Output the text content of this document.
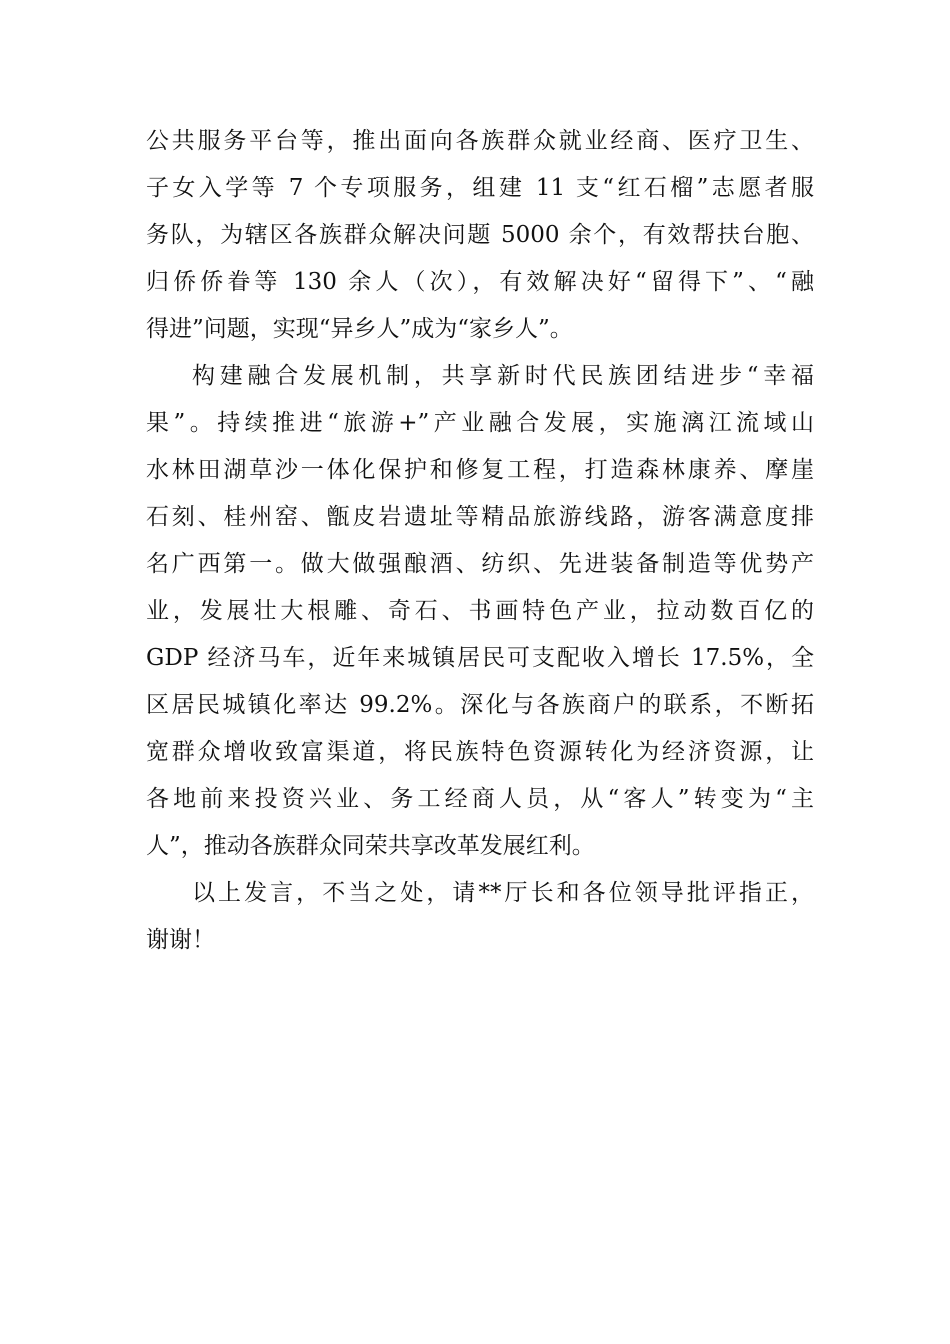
公共服务平台等，推出面向各族群众就业经商、医疗卫生、
子女入学等 7 个专项服务，组建 11 支“红石榴”志愿者服
务队，为辖区各族群众解决问题 5000 余个，有效帮扶台胞、
归侨侨眷等 130 余人（次），有效解决好“留得下”、“融
得进”问题，实现“异乡人”成为“家乡人”。
构建融合发展机制，共享新时代民族团结进步“幸福
果”。持续推进“旅游+”产业融合发展，实施漓江流域山
水林田湖草沙一体化保护和修复工程，打造森林康养、摩崖
石刻、桂州窑、甑皮岩遗址等精品旅游线路，游客满意度排
名广西第一。做大做强酿酒、纺织、先进装备制造等优势产
业，发展壮大根雕、奇石、书画特色产业，拉动数百亿的
GDP 经济马车，近年来城镇居民可支配收入增长 17.5%，全
区居民城镇化率达 99.2%。深化与各族商户的联系，不断拓
宽群众增收致富渠道，将民族特色资源转化为经济资源，让
各地前来投资兴业、务工经商人员，从“客人”转变为“主
人”，推动各族群众同荣共享改革发展红利。
以上发言，不当之处，请**厅长和各位领导批评指正，
谢谢！
